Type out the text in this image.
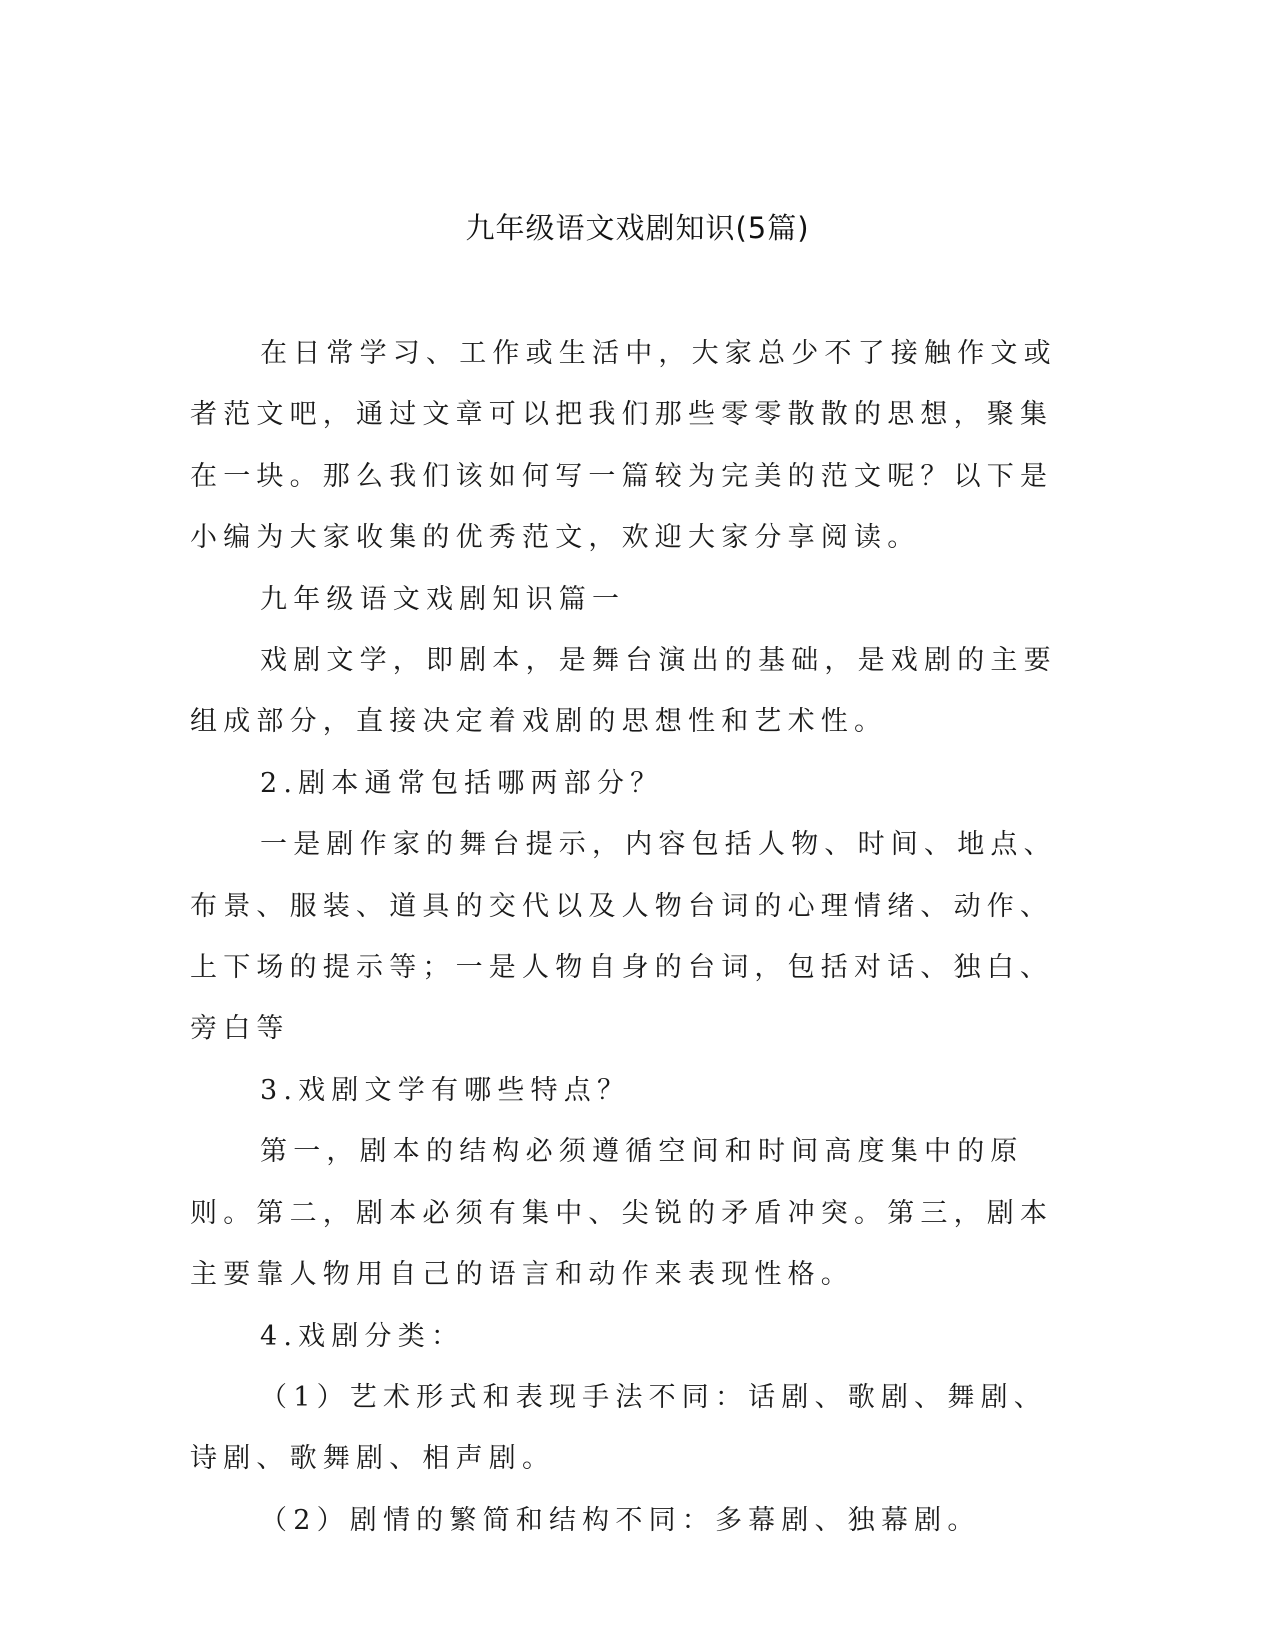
九年级语文戏剧知识(5篇)

在日常学习、工作或生活中，大家总少不了接触作文或者范文吧，通过文章可以把我们那些零零散散的思想，聚集在一块。那么我们该如何写一篇较为完美的范文呢？以下是小编为大家收集的优秀范文，欢迎大家分享阅读。

九年级语文戏剧知识篇一

戏剧文学，即剧本，是舞台演出的基础，是戏剧的主要组成部分，直接决定着戏剧的思想性和艺术性。

2.剧本通常包括哪两部分？

一是剧作家的舞台提示，内容包括人物、时间、地点、布景、服装、道具的交代以及人物台词的心理情绪、动作、上下场的提示等；一是人物自身的台词，包括对话、独白、旁白等

3.戏剧文学有哪些特点？

第一，剧本的结构必须遵循空间和时间高度集中的原则。第二，剧本必须有集中、尖锐的矛盾冲突。第三，剧本主要靠人物用自己的语言和动作来表现性格。

4.戏剧分类：

（1）艺术形式和表现手法不同：话剧、歌剧、舞剧、诗剧、歌舞剧、相声剧。

（2）剧情的繁简和结构不同：多幕剧、独幕剧。
